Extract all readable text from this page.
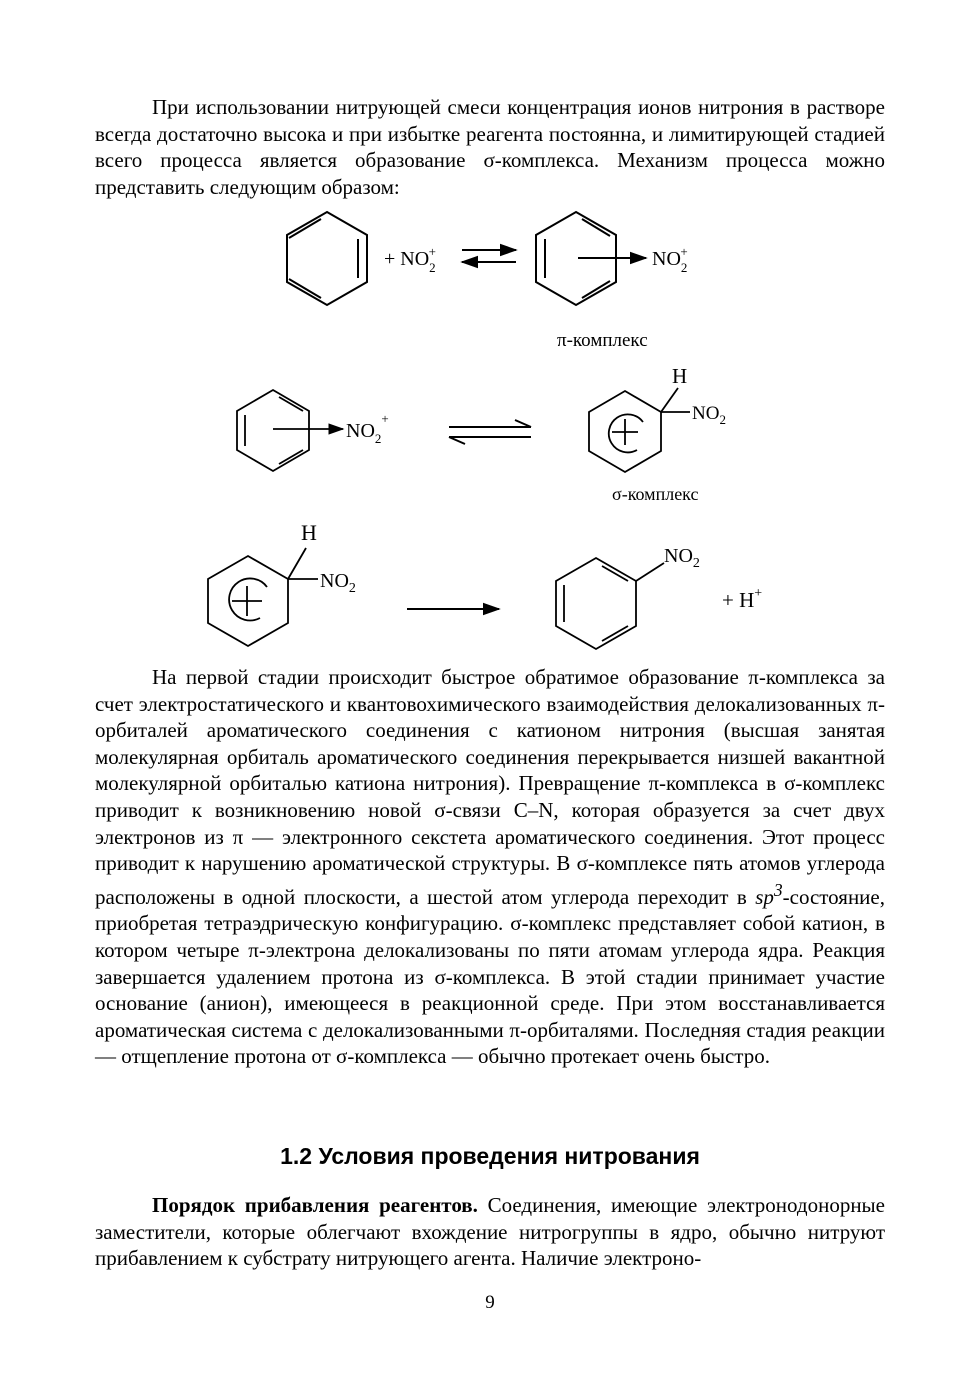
При использовании нитрующей смеси концентрация ионов нитрония в растворе всегда достаточно высока и при избытке реагента постоянна, и лимитирующей стадией всего процесса является образование σ-комплекса. Механизм процесса можно представить следующим образом:

+ $NO_2+$	$NO_2+$
π-комплекс
$NO_2^+$
H
$NO_2$
σ-комплекс
H
$NO_2$
$NO_2$
+ H+

На первой стадии происходит быстрое обратимое образование π-комплекса за счет электростатического и квантовохимического взаимодействия делокализованных π-орбиталей ароматического соединения с катионом нитрония (высшая занятая молекулярная орбиталь ароматического соединения перекрывается низшей вакантной молекулярной орбиталью катиона нитрония). Превращение π-комплекса в σ-комплекс приводит к возникновению новой σ-связи C–N, которая образуется за счет двух электронов из π — электронного секстета ароматического соединения. Этот процесс приводит к нарушению ароматической структуры. В σ-комплексе пять атомов углерода расположены в одной плоскости, а шестой атом углерода переходит в $sp^3$-состояние, приобретая тетраэдрическую конфигурацию. σ-комплекс представляет собой катион, в котором четыре π-электрона делокализованы по пяти атомам углерода ядра. Реакция завершается удалением протона из σ-комплекса. В этой стадии принимает участие основание (анион), имеющееся в реакционной среде. При этом восстанавливается ароматическая система с делокализованными π-орбиталями. Последняя стадия реакции — отщепление протона от σ-комплекса — обычно протекает очень быстро.

1.2 Условия проведения нитрования

Порядок прибавления реагентов. Соединения, имеющие электронодонорные заместители, которые облегчают вхождение нитрогруппы в ядро, обычно нитруют прибавлением к субстрату нитрующего агента. Наличие электроно-

9
